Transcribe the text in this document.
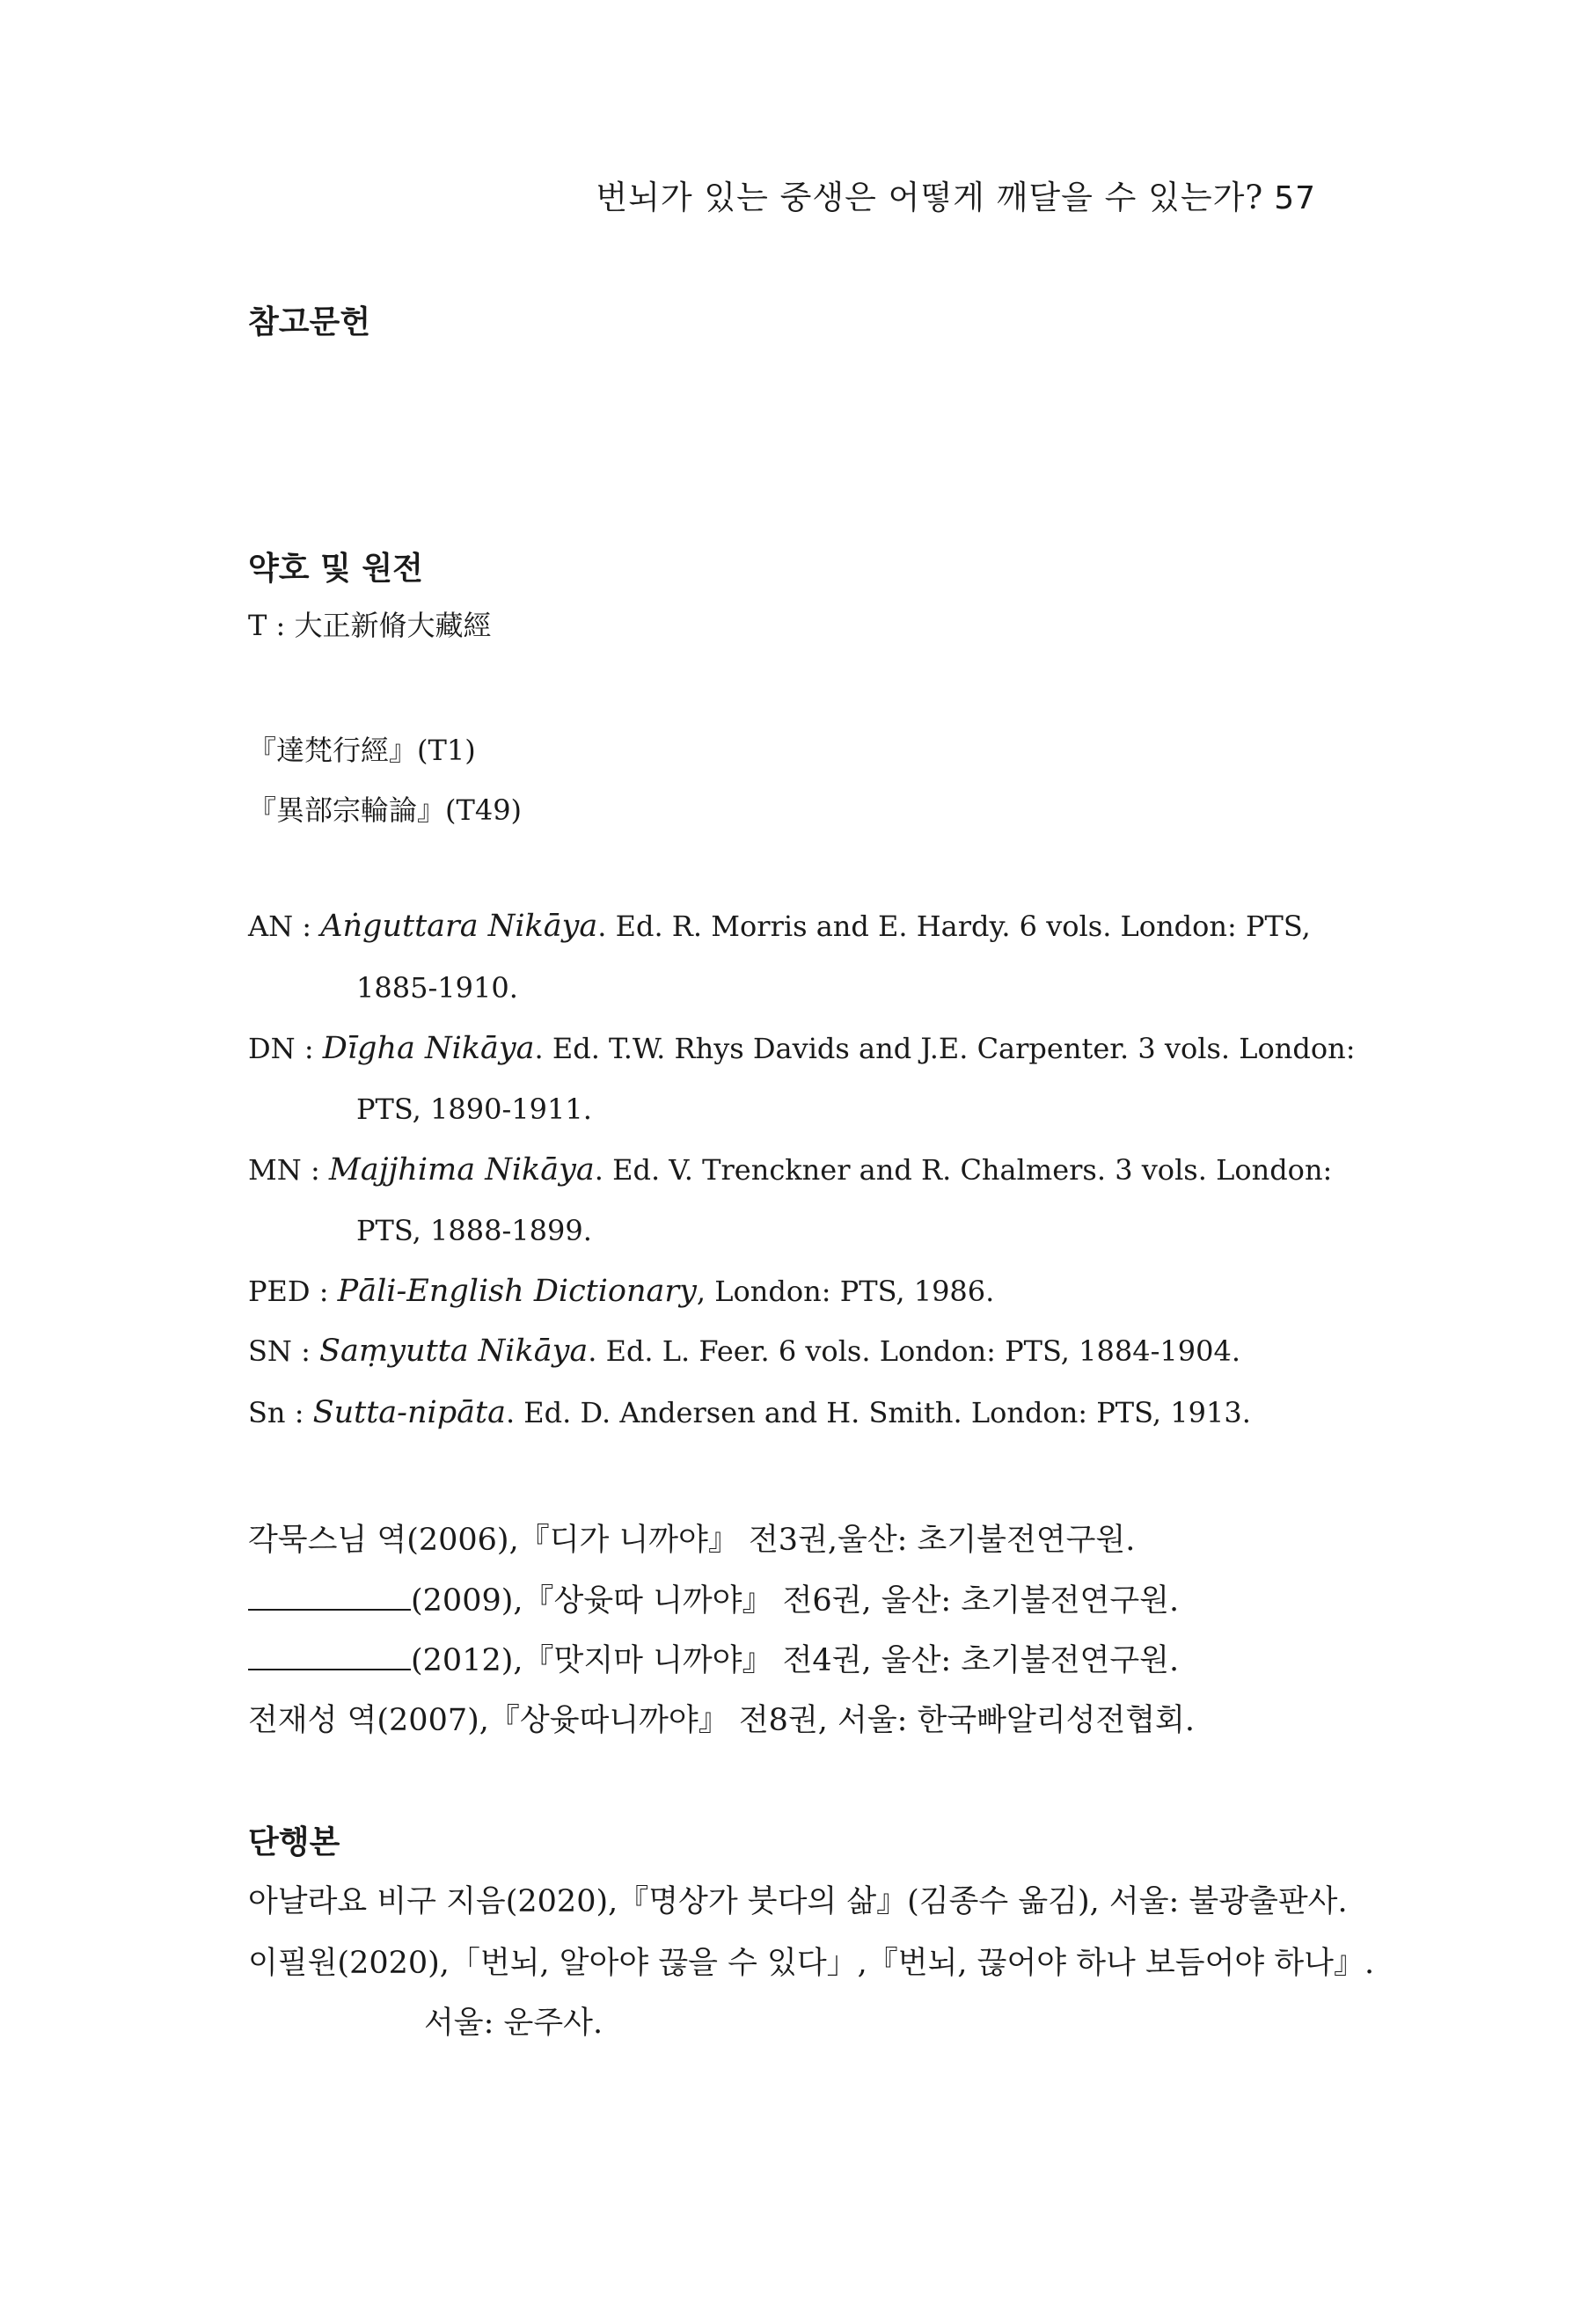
번뇌가 있는 중생은 어떻게 깨달을 수 있는가? 57
참고문헌
약호 및 원전
T : 大正新脩大藏經
『達梵行經』(T1)
『異部宗輪論』(T49)
AN : Aṅguttara Nikāya. Ed. R. Morris and E. Hardy. 6 vols. London: PTS,
1885-1910.
DN : Dīgha Nikāya. Ed. T.W. Rhys Davids and J.E. Carpenter. 3 vols. London:
PTS, 1890-1911.
MN : Majjhima Nikāya. Ed. V. Trenckner and R. Chalmers. 3 vols. London:
PTS, 1888-1899.
PED : Pāli-English Dictionary, London: PTS, 1986.
SN : Saṃyutta Nikāya. Ed. L. Feer. 6 vols. London: PTS, 1884-1904.
Sn : Sutta-nipāta. Ed. D. Andersen and H. Smith. London: PTS, 1913.
각묵스님 역(2006),『디가 니까야』 전3권,울산: 초기불전연구원.
(2009),『상윳따 니까야』 전6권, 울산: 초기불전연구원.
(2012),『맛지마 니까야』 전4권, 울산: 초기불전연구원.
전재성 역(2007),『상윳따니까야』 전8권, 서울: 한국빠알리성전협회.
단행본
아날라요 비구 지음(2020),『명상가 붓다의 삶』(김종수 옮김), 서울: 불광출판사.
이필원(2020),「번뇌, 알아야 끊을 수 있다」,『번뇌, 끊어야 하나 보듬어야 하나』.
서울: 운주사.
